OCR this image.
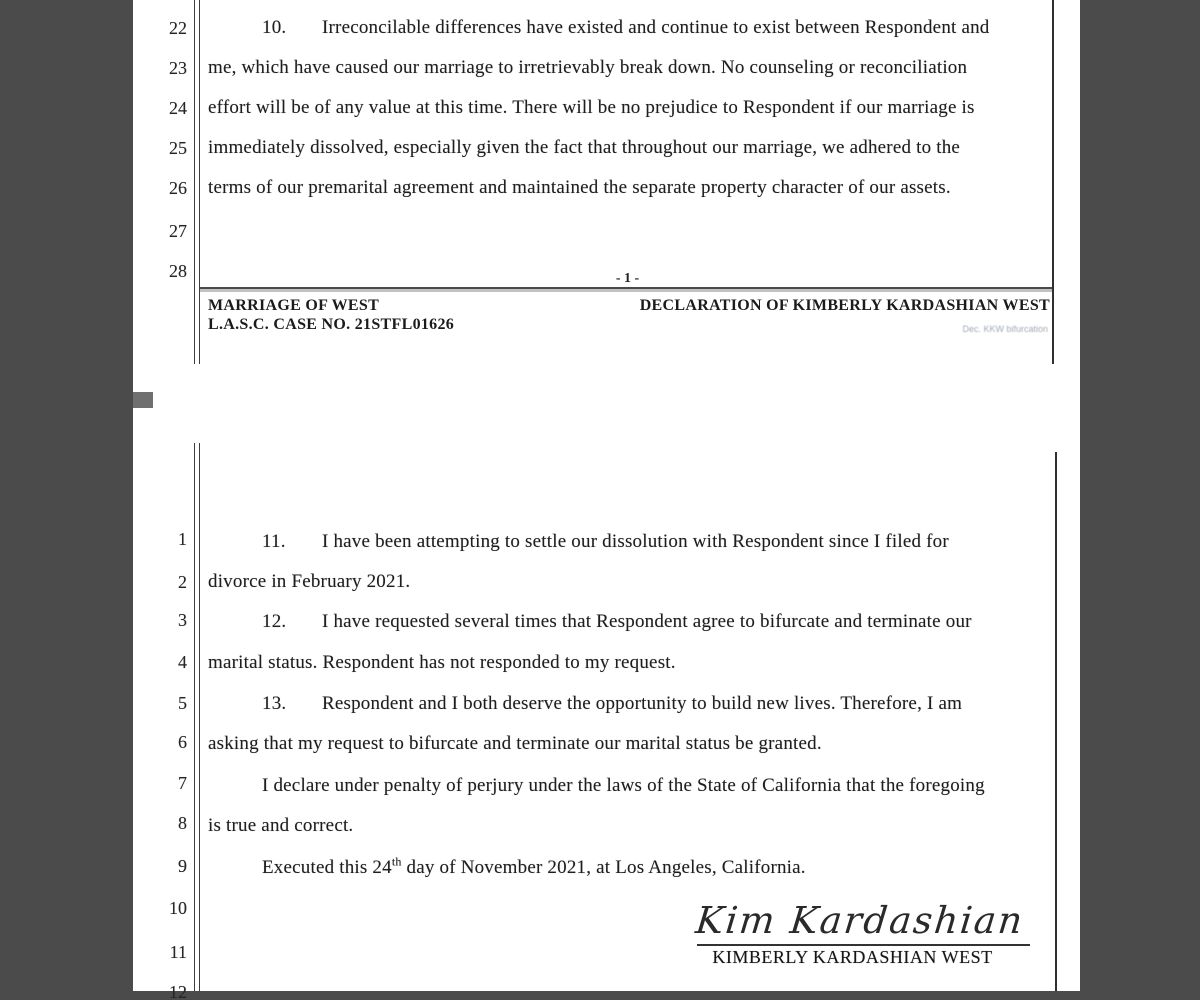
22
23
24
25
26
27
28
10. Irreconcilable differences have existed and continue to exist between Respondent and
me, which have caused our marriage to irretrievably break down. No counseling or reconciliation
effort will be of any value at this time. There will be no prejudice to Respondent if our marriage is
immediately dissolved, especially given the fact that throughout our marriage, we adhered to the
terms of our premarital agreement and maintained the separate property character of our assets.
- 1 -
MARRIAGE OF WEST
L.A.S.C. CASE NO. 21STFL01626
DECLARATION OF KIMBERLY KARDASHIAN WEST
Dec. KKW bifurcation
1
2
3
4
5
6
7
8
9
10
11
12
11. I have been attempting to settle our dissolution with Respondent since I filed for
divorce in February 2021.
12. I have requested several times that Respondent agree to bifurcate and terminate our
marital status. Respondent has not responded to my request.
13. Respondent and I both deserve the opportunity to build new lives. Therefore, I am
asking that my request to bifurcate and terminate our marital status be granted.
I declare under penalty of perjury under the laws of the State of California that the foregoing
is true and correct.
Executed this 24th day of November 2021, at Los Angeles, California.
Kim Kardashian
KIMBERLY KARDASHIAN WEST
